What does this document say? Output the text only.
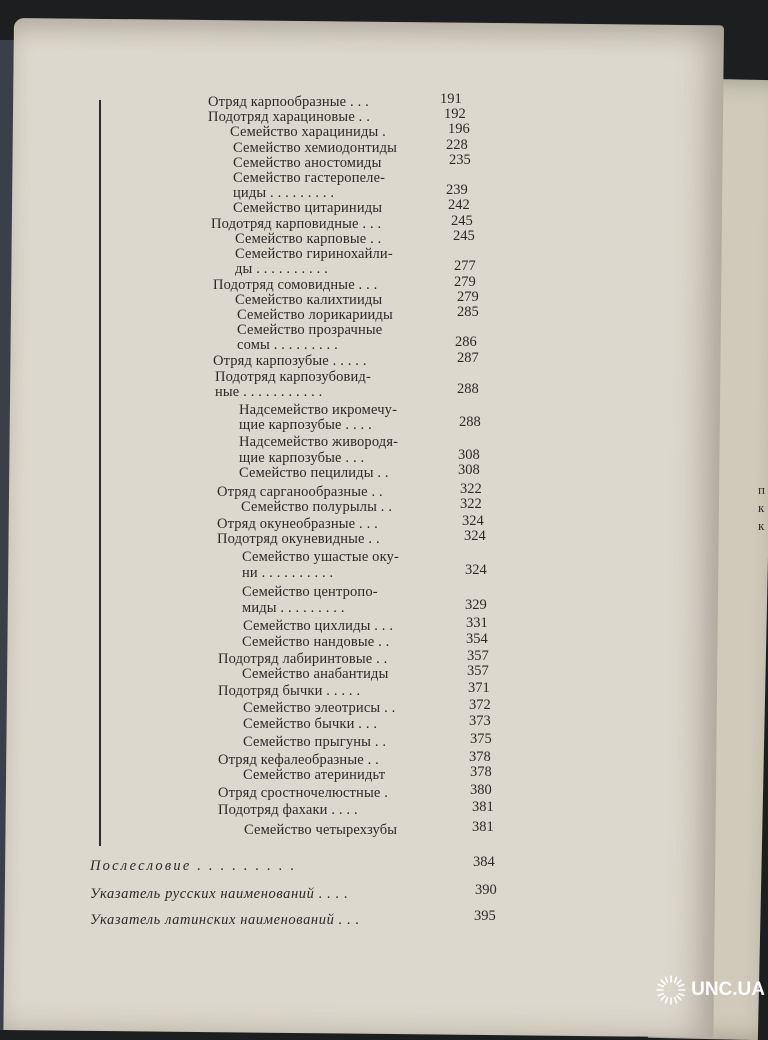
п
к
к
Отряд карпообразные . . .	191
Подотряд харациновые . .	192
Семейство харациниды .	196
Семейство хемиодонтиды	228
Семейство аностомиды	235
Семейство гастеропеле-
циды . . . . . . . . .	239
Семейство цитариниды	242
Подотряд карповидные . . .	245
Семейство карповые . .	245
Семейство гиринохайли-
ды . . . . . . . . . .	277
Подотряд сомовидные . . .	279
Семейство калихтииды	279
Семейство лорикарииды	285
Семейство прозрачные
сомы . . . . . . . . .	286
Отряд карпозубые . . . . .	287
Подотряд карпозубовид-
ные . . . . . . . . . . .	288
Надсемейство икромечу-
щие карпозубые . . . .	288
Надсемейство живородя-
щие карпозубые . . .	308
Семейство пецилиды . .	308
Отряд сарганообразные . .	322
Семейство полурылы . .	322
Отряд окунеобразные . . .	324
Подотряд окуневидные . .	324
Семейство ушастые оку-
ни . . . . . . . . . .	324
Семейство центропо-
миды . . . . . . . . .	329
Семейство цихлиды . . .	331
Семейство нандовые . .	354
Подотряд лабиринтовые . .	357
Семейство анабантиды	357
Подотряд бычки . . . . .	371
Семейство элеотрисы . .	372
Семейство бычки . . .	373
Семейство прыгуны . .	375
Отряд кефалеобразные . .	378
Семейство атеринидьт	378
Отряд сростночелюстные .	380
Подотряд фахаки . . . .	381
Семейство четырехзубы	381
Послесловие . . . . . . . . .	384
Указатель русских наименований . . . .	390
Указатель латинских наименований . . .	395
UNC.UA
